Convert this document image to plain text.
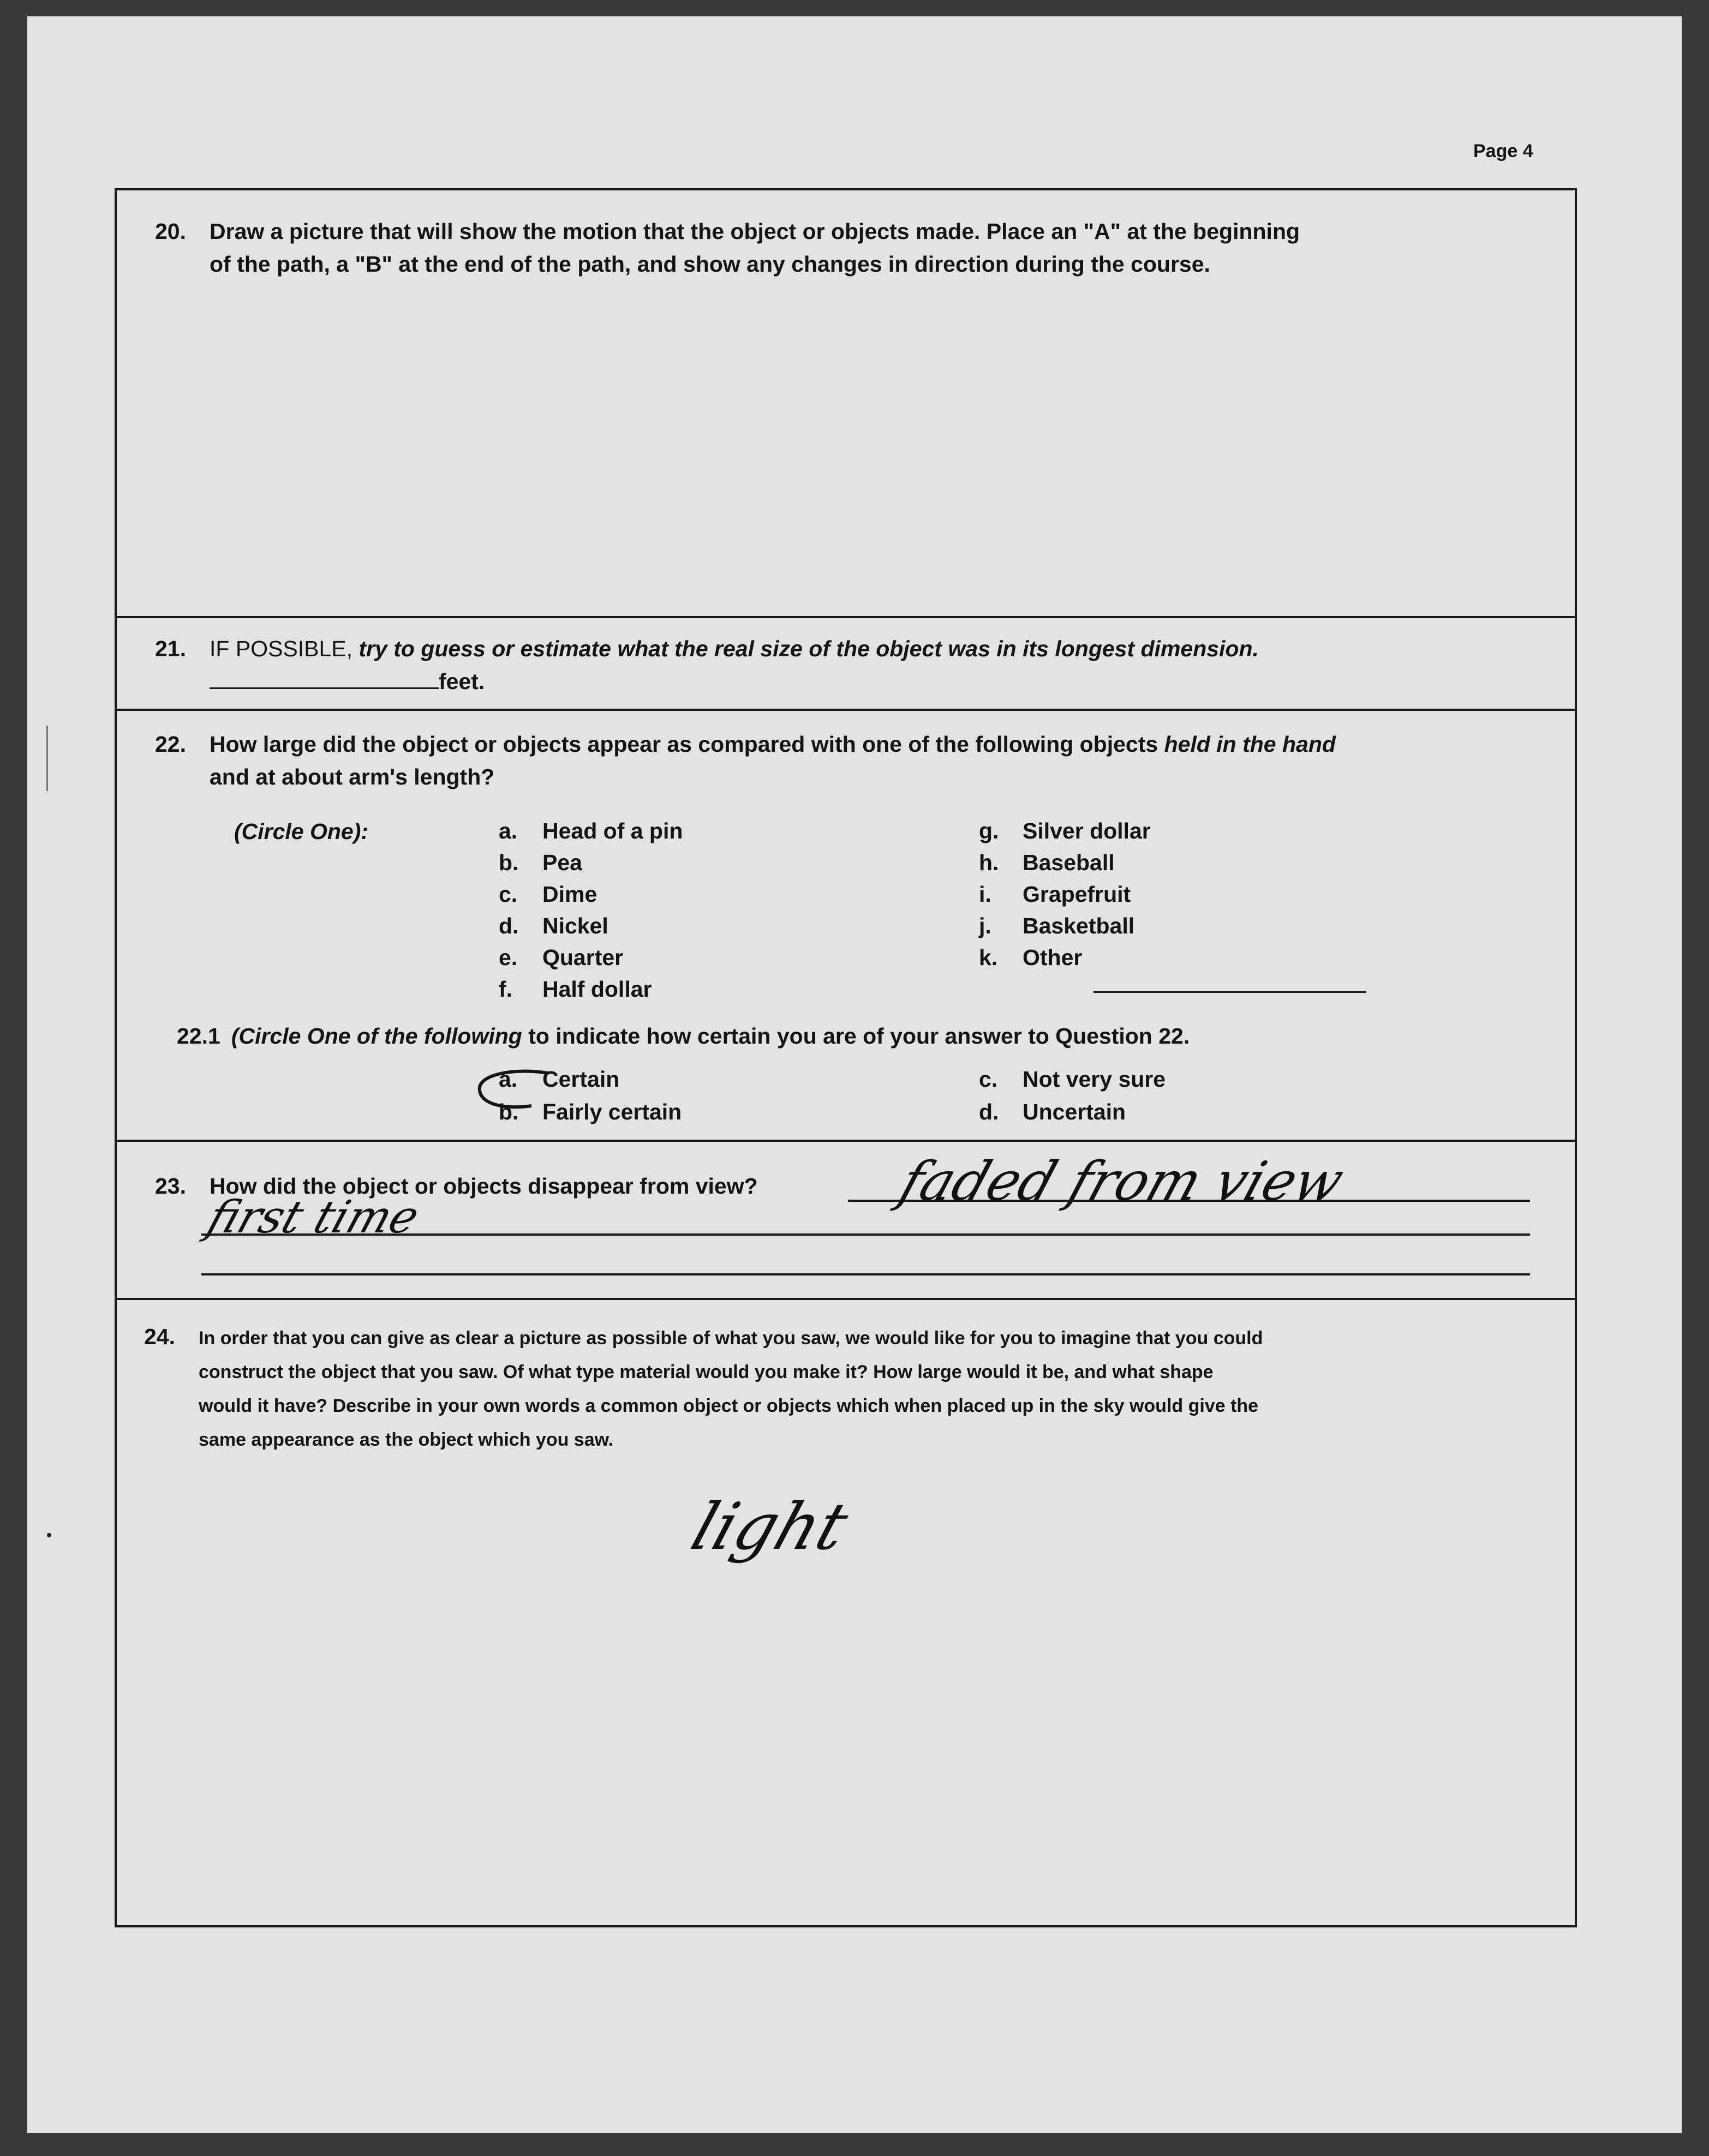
Page 4
20. Draw a picture that will show the motion that the object or objects made. Place an "A" at the beginning
of the path, a "B" at the end of the path, and show any changes in direction during the course.
21. IF POSSIBLE, try to guess or estimate what the real size of the object was in its longest dimension.
feet.
22. How large did the object or objects appear as compared with one of the following objects held in the hand
and at about arm's length?
(Circle One):	a. Head of a pin
b. Pea
c. Dime
d. Nickel
e. Quarter
f. Half dollar
g. Silver dollar
h. Baseball
i. Grapefruit
j. Basketball
k. Other
22.1 (Circle One of the following to indicate how certain you are of your answer to Question 22.
a. Certain
b. Fairly certain
c. Not very sure
d. Uncertain
23. How did the object or objects disappear from view?	faded from view
first time
24. In order that you can give as clear a picture as possible of what you saw, we would like for you to imagine that you could
construct the object that you saw. Of what type material would you make it? How large would it be, and what shape
would it have? Describe in your own words a common object or objects which when placed up in the sky would give the
same appearance as the object which you saw.
light
